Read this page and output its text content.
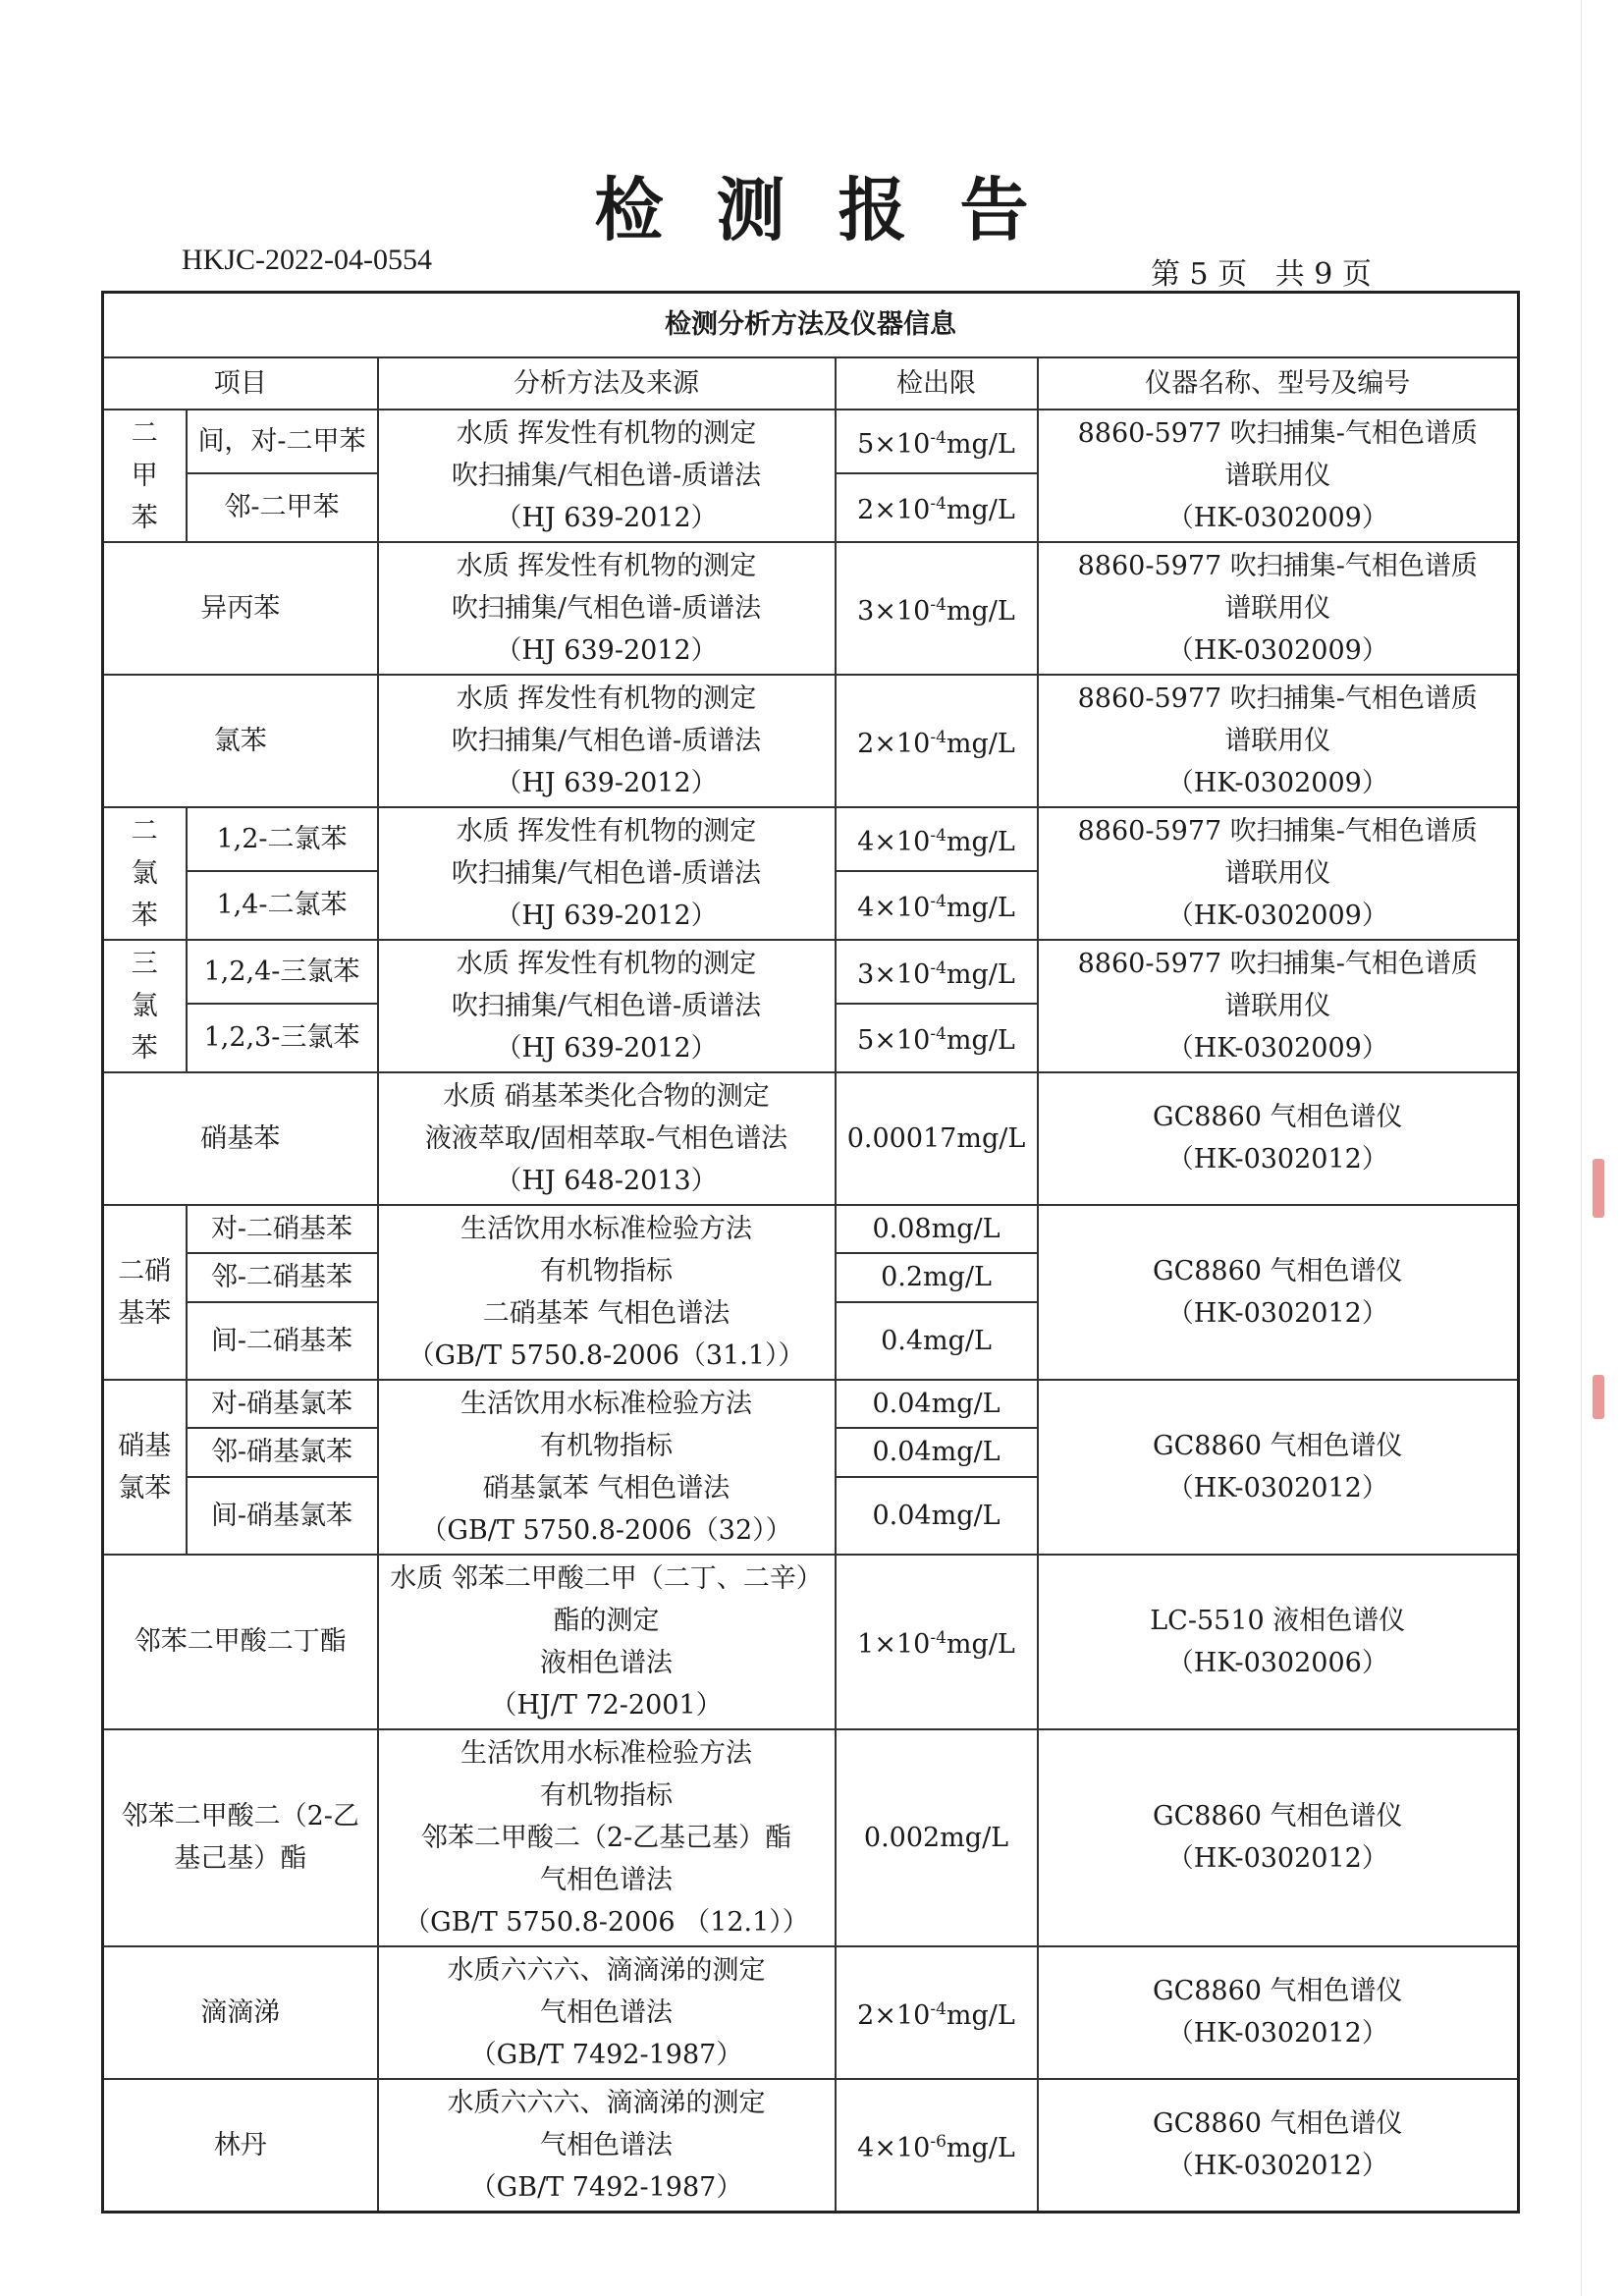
检测报告
HKJC-2022-04-0554	第 5 页   共 9 页
检测分析方法及仪器信息				
项目		分析方法及来源	检出限	仪器名称、型号及编号

二
甲
苯	间，对-二甲苯	水质 挥发性有机物的测定
吹扫捕集/气相色谱-质谱法
（HJ 639-2012）	$5\times 10^{-4}mg/L$	8860-5977 吹扫捕集-气相色谱质
谱联用仪
（HK-0302009）

	邻-二甲苯		$2\times 10^{-4}mg/L$	
异丙苯		水质 挥发性有机物的测定
吹扫捕集/气相色谱-质谱法
（HJ 639-2012）	$3\times 10^{-4}mg/L$	8860-5977 吹扫捕集-气相色谱质
谱联用仪
（HK-0302009）

氯苯		水质 挥发性有机物的测定
吹扫捕集/气相色谱-质谱法
（HJ 639-2012）	$2\times 10^{-4}mg/L$	8860-5977 吹扫捕集-气相色谱质
谱联用仪
（HK-0302009）

二
氯
苯	1,2-二氯苯	水质 挥发性有机物的测定
吹扫捕集/气相色谱-质谱法
（HJ 639-2012）	$4\times 10^{-4}mg/L$	8860-5977 吹扫捕集-气相色谱质
谱联用仪
（HK-0302009）

	1,4-二氯苯		$4\times 10^{-4}mg/L$	

三
氯
苯	1,2,4-三氯苯	水质 挥发性有机物的测定
吹扫捕集/气相色谱-质谱法
（HJ 639-2012）	$3\times 10^{-4}mg/L$	8860-5977 吹扫捕集-气相色谱质
谱联用仪
（HK-0302009）

	1,2,3-三氯苯		$5\times 10^{-4}mg/L$	
硝基苯		水质 硝基苯类化合物的测定
液液萃取/固相萃取-气相色谱法
（HJ 648-2013）	0.00017mg/L	GC8860 气相色谱仪
（HK-0302012）

二硝
基苯	对-二硝基苯	生活饮用水标准检验方法
有机物指标
二硝基苯 气相色谱法
（GB/T 5750.8-2006（31.1））	0.08mg/L	GC8860 气相色谱仪
（HK-0302012）

	邻-二硝基苯		0.2mg/L	
	间-二硝基苯		0.4mg/L	

硝基
氯苯	对-硝基氯苯	生活饮用水标准检验方法
有机物指标
硝基氯苯 气相色谱法
（GB/T 5750.8-2006（32））	0.04mg/L	GC8860 气相色谱仪
（HK-0302012）

	邻-硝基氯苯		0.04mg/L	
	间-硝基氯苯		0.04mg/L	
邻苯二甲酸二丁酯		水质 邻苯二甲酸二甲（二丁、二辛）
酯的测定
液相色谱法
（HJ/T 72-2001）	$1\times 10^{-4}mg/L$	LC-5510 液相色谱仪
（HK-0302006）

邻苯二甲酸二（2-乙基己基）酯		生活饮用水标准检验方法
有机物指标
邻苯二甲酸二（2-乙基己基）酯
气相色谱法
（GB/T 5750.8-2006 （12.1））	0.002mg/L	GC8860 气相色谱仪
（HK-0302012）

滴滴涕		水质六六六、滴滴涕的测定
气相色谱法
（GB/T 7492-1987）	$2\times 10^{-4}mg/L$	GC8860 气相色谱仪
（HK-0302012）

林丹		水质六六六、滴滴涕的测定
气相色谱法
（GB/T 7492-1987）	$4\times 10^{-6}mg/L$	GC8860 气相色谱仪
（HK-0302012）
